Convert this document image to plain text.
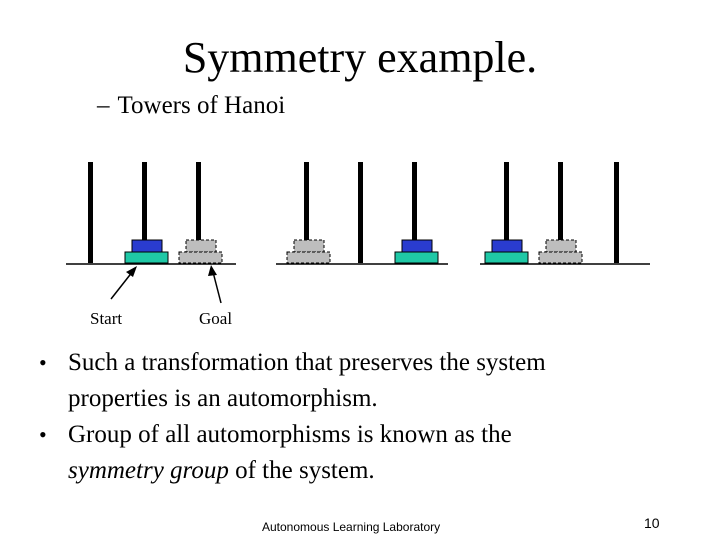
Symmetry example.
– Towers of Hanoi
Start	Goal
• Such a transformation that preserves the system
properties is an automorphism.
• Group of all automorphisms is known as the
symmetry group of the system.
Autonomous Learning Laboratory	10
